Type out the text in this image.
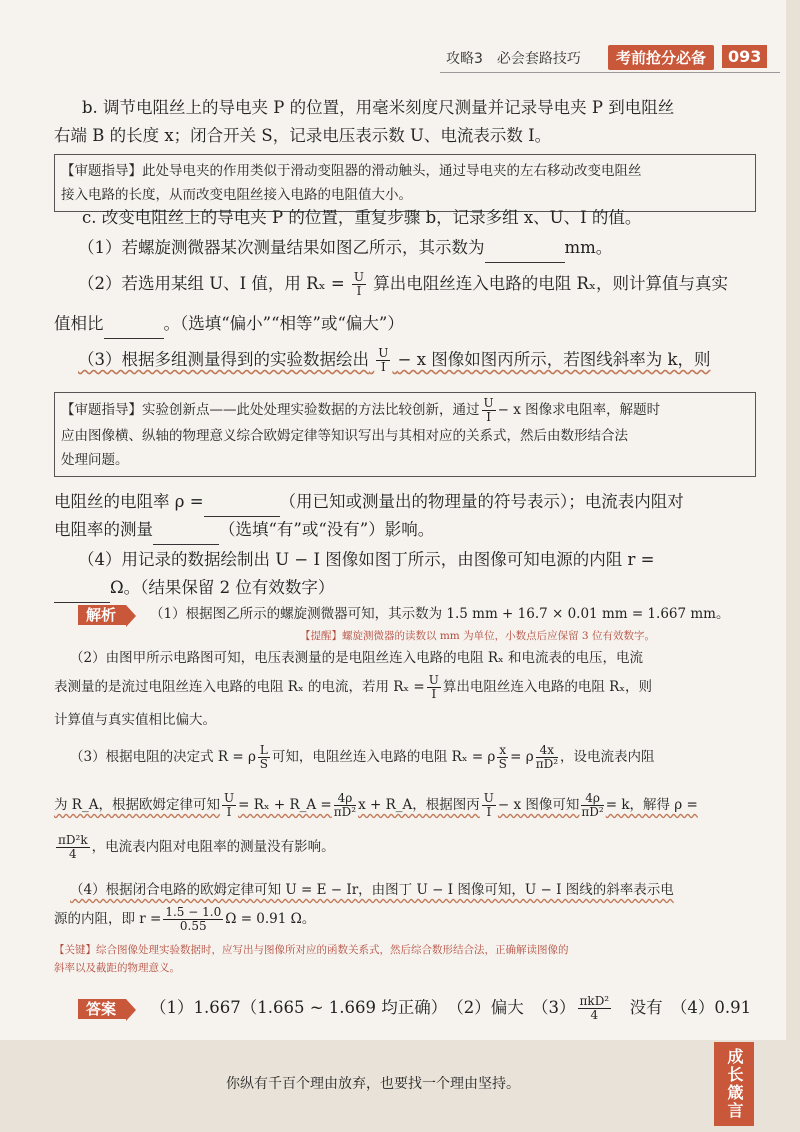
攻略3　必会套路技巧	考前抢分必备	093
b. 调节电阻丝上的导电夹 P 的位置，用毫米刻度尺测量并记录导电夹 P 到电阻丝
右端 B 的长度 x；闭合开关 S，记录电压表示数 U、电流表示数 I。
【审题指导】此处导电夹的作用类似于滑动变阻器的滑动触头，通过导电夹的左右移动改变电阻丝
接入电路的长度，从而改变电阻丝接入电路的电阻值大小。
c. 改变电阻丝上的导电夹 P 的位置，重复步骤 b，记录多组 x、U、I 的值。
（1）若螺旋测微器某次测量结果如图乙所示，其示数为	mm。
（2）若选用某组 U、I 值，用 $R_x = \frac{U}{I}$ 算出电阻丝连入电路的电阻 Rₓ，则计算值与真实
值相比	。（选填“偏小”“相等”或“偏大”）
（3）根据多组测量得到的实验数据绘出 $\frac{U}{I} - x$ 图像如图丙所示，若图线斜率为 k，则
【审题指导】实验创新点——此处处理实验数据的方法比较创新，通过 $\frac{U}{I} - x$ 图像求电阻率，解题时
应由图像横、纵轴的物理意义综合欧姆定律等知识写出与其相对应的关系式，然后由数形结合法
处理问题。
电阻丝的电阻率 ρ =	（用已知或测量出的物理量的符号表示）；电流表内阻对
电阻率的测量	（选填“有”或“没有”）影响。
（4）用记录的数据绘制出 U − I 图像如图丁所示，由图像可知电源的内阻 r =
Ω。（结果保留 2 位有效数字）
解析	（1）根据图乙所示的螺旋测微器可知，其示数为 1.5 mm + 16.7 × 0.01 mm = 1.667 mm。
【提醒】螺旋测微器的读数以 mm 为单位，小数点后应保留 3 位有效数字。
（2）由图甲所示电路图可知，电压表测量的是电阻丝连入电路的电阻 Rₓ 和电流表的电压，电流
表测量的是流过电阻丝连入电路的电阻 Rₓ 的电流，若用 $R_x = \frac{U}{I}$ 算出电阻丝连入电路的电阻 Rₓ，则
计算值与真实值相比偏大。
（3）根据电阻的决定式 R = ρ $\frac{L}{S}$ 可知，电阻丝连入电路的电阻 Rₓ = ρ $\frac{x}{S} = \rho \frac{4x}{\text{πD²}}$ ，设电流表内阻
为 R_A，根据欧姆定律可知 $\frac{U}{I} = R_x$ + R_A = $\frac{4\rho}{\text{πD²}}$ x + R_A，根据图丙 $\frac{U}{I} - x$ 图像可知 $\frac{4\rho}{\text{πD²}} = k$，解得 ρ =
$\frac{\text{πD²k}}{4}$ ，电流表内阻对电阻率的测量没有影响。
（4）根据闭合电路的欧姆定律可知 U = E − Ir，由图丁 U − I 图像可知，U − I 图线的斜率表示电
源的内阻，即 $r = \frac{1.5 - 1.0}{0.55}$ Ω = 0.91 Ω。
【关键】综合图像处理实验数据时，应写出与图像所对应的函数关系式，然后综合数形结合法，正确解读图像的
斜率以及截距的物理意义。
答案	（1）1.667（1.665 ~ 1.669 均正确）　 （2）偏大　 $(3) \frac{\text{πkD²}}{4}$
　 没有　 （4）0.91
你纵有千百个理由放弃，也要找一个理由坚持。	成长箴言
